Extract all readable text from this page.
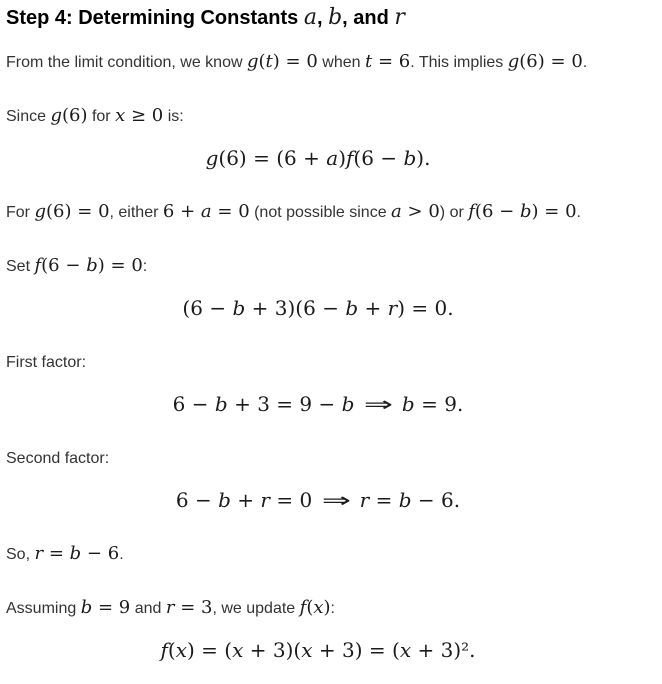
Step 4: Determining Constants a, b, and r

From the limit condition, we know g(t) = 0 when t = 6. This implies g(6) = 0.

Since g(6) for x ≥ 0 is:

g(6) = (6 + a)f(6 − b).

For g(6) = 0, either 6 + a = 0 (not possible since a > 0) or f(6 − b) = 0.

Set f(6 − b) = 0:

(6 − b + 3)(6 − b + r) = 0.

First factor:

6 − b + 3 = 9 − b ⇒ b = 9.

Second factor:

6 − b + r = 0 ⇒ r = b − 6.

So, r = b − 6.

Assuming b = 9 and r = 3, we update f(x):

f(x) = (x + 3)(x + 3) = (x + 3)².
